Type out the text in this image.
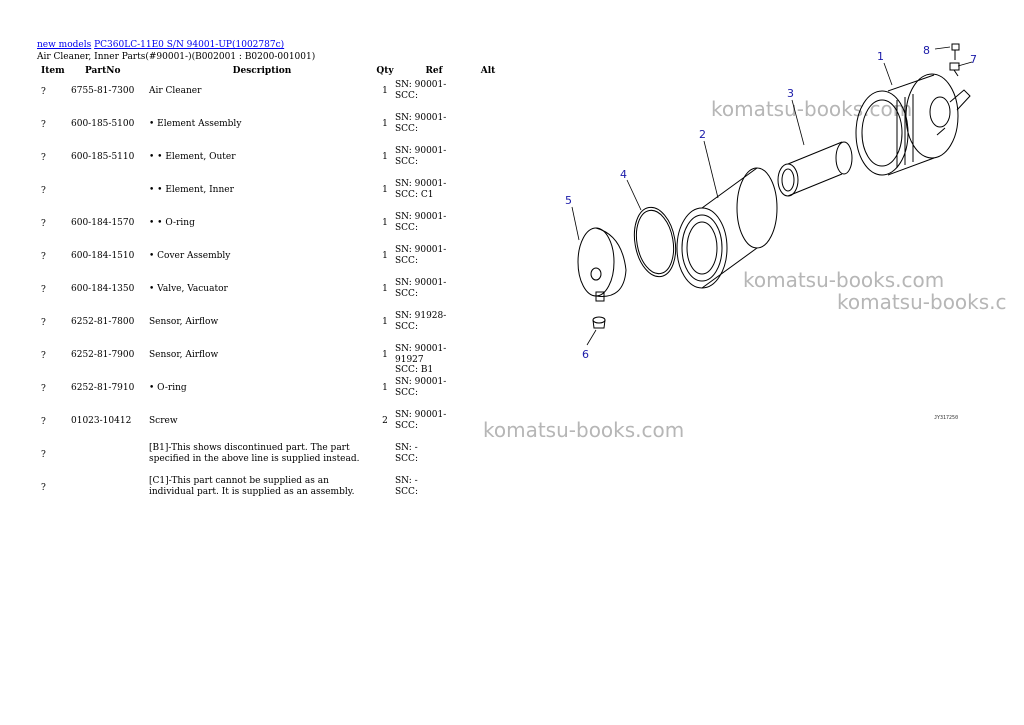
new models PC360LC-11E0 S/N 94001-UP(1002787c)
Air Cleaner, Inner Parts(#90001-)(B002001 : B0200-001001)
Item	PartNo	Description	Qty	Ref	Alt
?	6755-81-7300	Air Cleaner	1	SN: 90001-
SCC:	

?	600-185-5100	• Element Assembly	1	SN: 90001-
SCC:	

?	600-185-5110	• • Element, Outer	1	SN: 90001-
SCC:	

?		• • Element, Inner	1	SN: 90001-
SCC: C1	

?	600-184-1570	• • O-ring	1	SN: 90001-
SCC:	

?	600-184-1510	• Cover Assembly	1	SN: 90001-
SCC:	

?	600-184-1350	• Valve, Vacuator	1	SN: 90001-
SCC:	

?	6252-81-7800	Sensor, Airflow	1	SN: 91928-
SCC:	

?	6252-81-7900	Sensor, Airflow	1	SN: 90001-91927
SCC: B1	

?	6252-81-7910	• O-ring	1	SN: 90001-
SCC:	

?	01023-10412	Screw	2	SN: 90001-
SCC:	

?		[B1]-This shows discontinued part. The part specified in the above line is supplied instead.		SN: -
SCC:	

?		[C1]-This part cannot be supplied as an individual part. It is supplied as an assembly.		SN: -
SCC:	

komatsu-books.com
komatsu-books.com
komatsu-books.c
komatsu-books.com
1
2
3
4
5
6
7
8
JY317250
